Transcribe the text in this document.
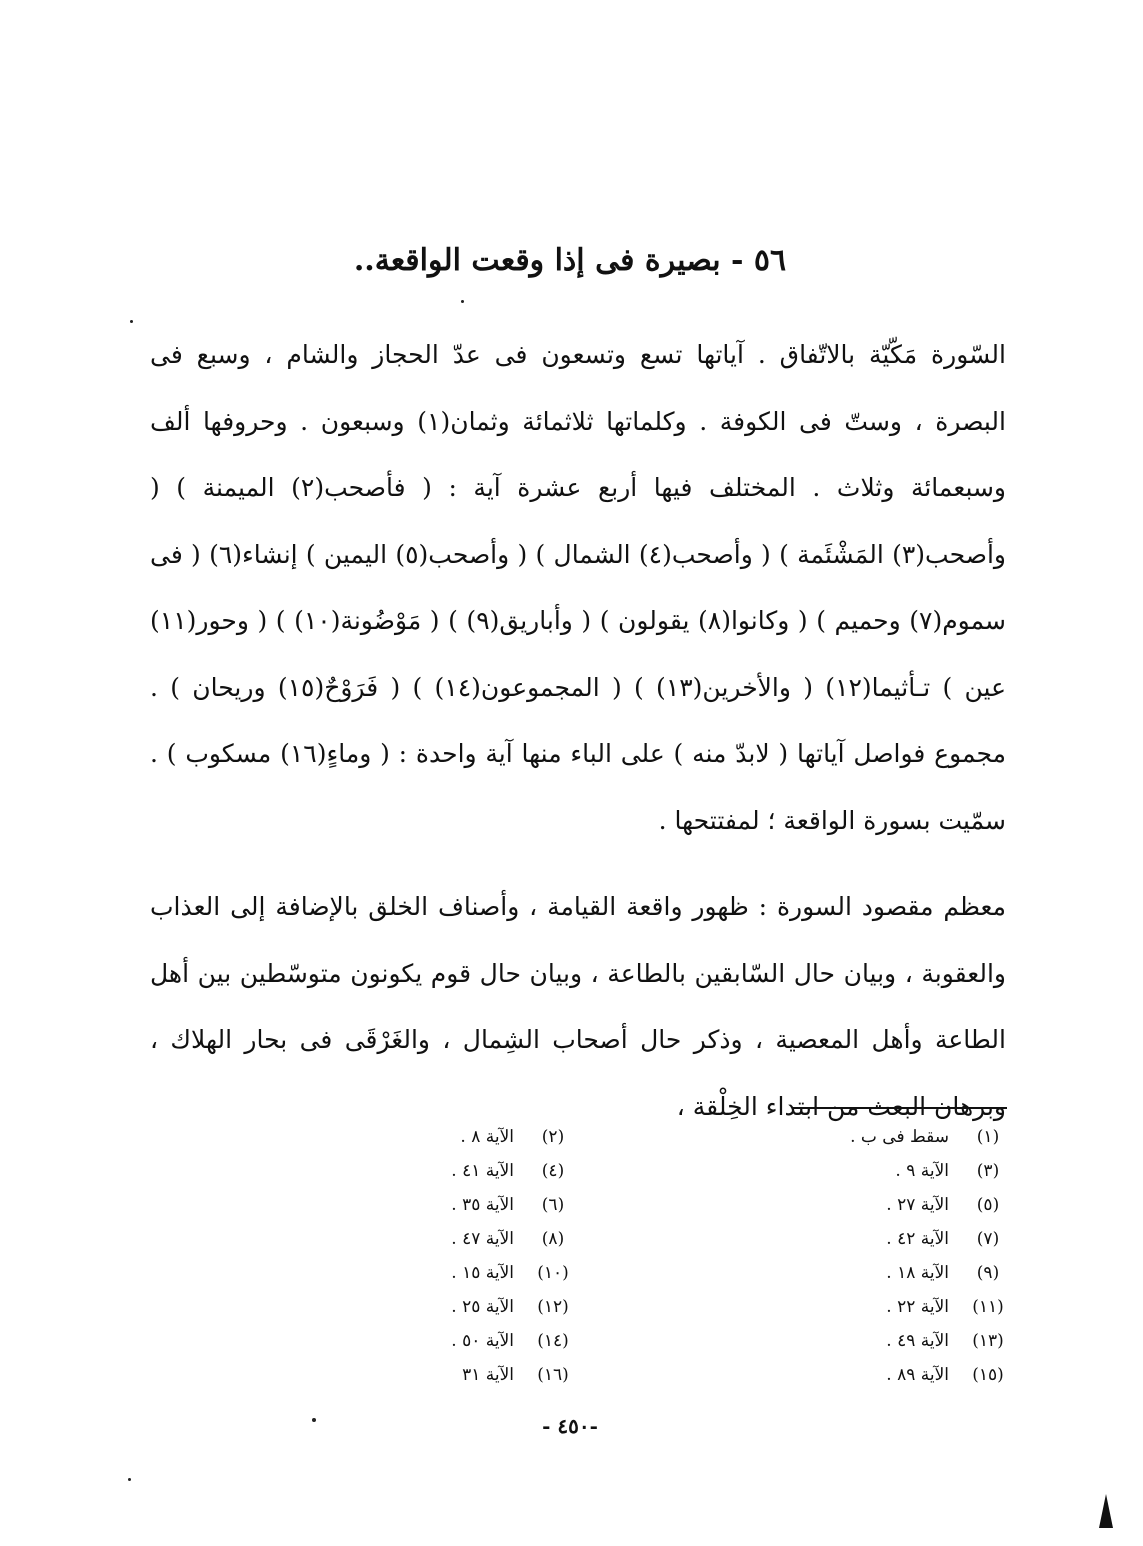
٥٦ - بصيرة فى إذا وقعت الواقعة..

السّورة مَكّيّة بالاتّفاق . آياتها تسع وتسعون فى عدّ الحجاز والشام ، وسبع فى البصرة ، وستّ فى الكوفة . وكلماتها ثلاثمائة وثمان(١) وسبعون . وحروفها ألف وسبعمائة وثلاث . المختلف فيها أربع عشرة آية : ( فأصحب(٢) الميمنة ) ( وأصحب(٣) المَشْئَمة ) ( وأصحب(٤) الشمال ) ( وأصحب(٥) اليمين ) إنشاء(٦) ( فى سموم(٧) وحميم ) ( وكانوا(٨) يقولون ) ( وأباريق(٩) ) ( مَوْضُونة(١٠) ) ( وحور(١١) عين ) تـأثيما(١٢) ( والأخرين(١٣) ) ( المجموعون(١٤) ) ( فَرَوْحٌ(١٥) وريحان ) . مجموع فواصل آياتها ( لابدّ منه ) على الباء منها آية واحدة : ( وماءٍ(١٦) مسكوب ) . سمّيت بسورة الواقعة ؛ لمفتتحها .

معظم مقصود السورة : ظهور واقعة القيامة ، وأصناف الخلق بالإضافة إلى العذاب والعقوبة ، وبيان حال السّابقين بالطاعة ، وبيان حال قوم يكونون متوسّطين بين أهل الطاعة وأهل المعصية ، وذكر حال أصحاب الشِمال ، والغَرْقَى فى بحار الهلاك ، وبرهان البعث من ابتداء الخِلْقة ،

(١)
سقط فى ب .
(٣)
الآية ٩ .
(٥)
الآية ٢٧ .
(٧)
الآية ٤٢ .
(٩)
الآية ١٨ .
(١١)
الآية ٢٢ .
(١٣)
الآية ٤٩ .
(١٥)
الآية ٨٩ .
(٢)
الآية ٨ .
(٤)
الآية ٤١ .
(٦)
الآية ٣٥ .
(٨)
الآية ٤٧ .
(١٠)
الآية ١٥ .
(١٢)
الآية ٢٥ .
(١٤)
الآية ٥٠ .
(١٦)
الآية ٣١
-٤٥٠ -
